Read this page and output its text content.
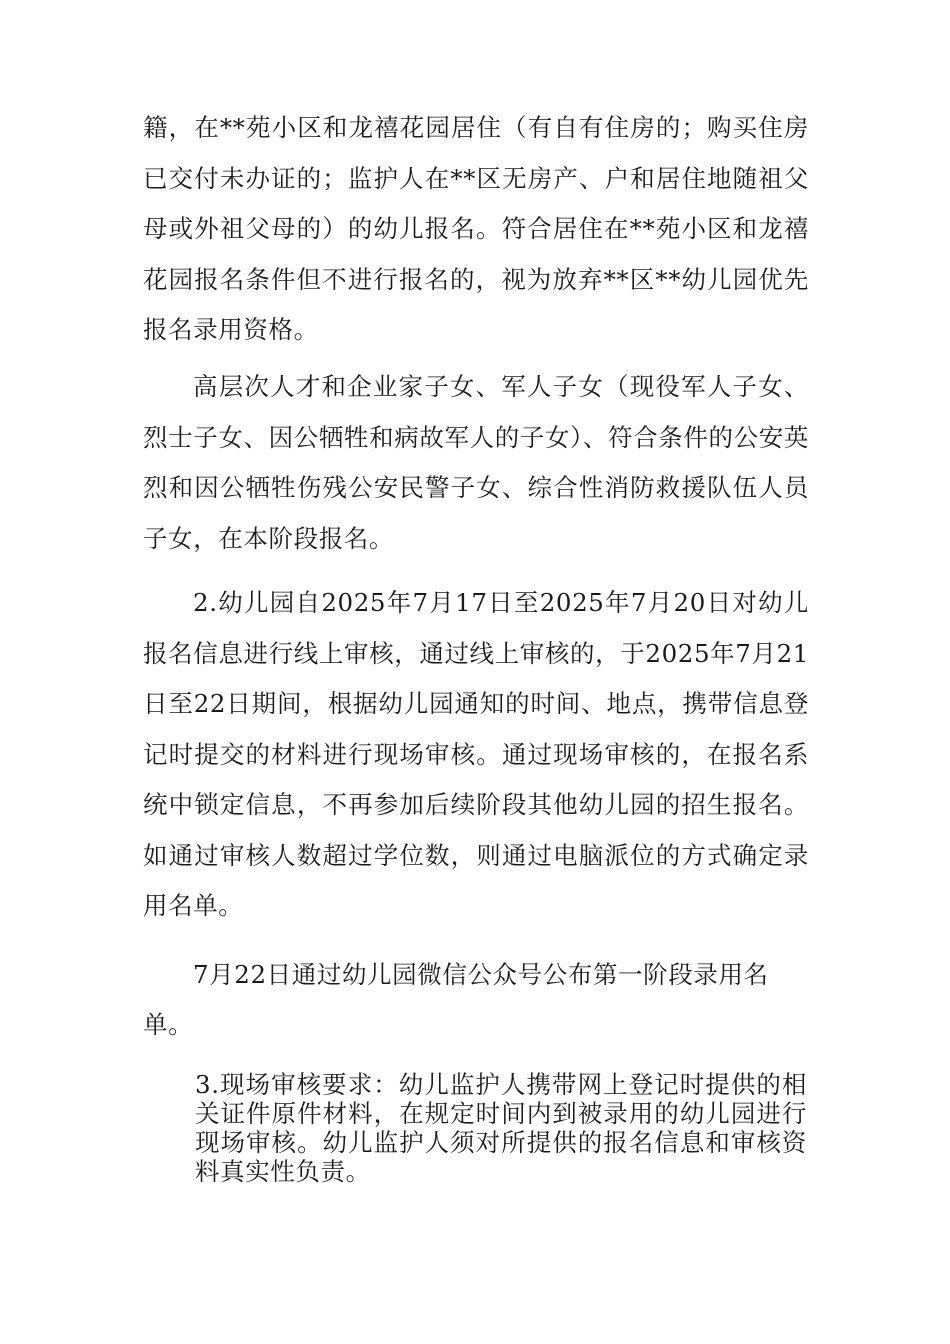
籍，在**苑小区和龙禧花园居住（有自有住房的；购买住房已交付未办证的；监护人在**区无房产、户和居住地随祖父母或外祖父母的）的幼儿报名。符合居住在**苑小区和龙禧花园报名条件但不进行报名的，视为放弃**区**幼儿园优先报名录用资格。

高层次人才和企业家子女、军人子女（现役军人子女、烈士子女、因公牺牲和病故军人的子女）、符合条件的公安英烈和因公牺牲伤残公安民警子女、综合性消防救援队伍人员子女，在本阶段报名。

2.幼儿园自2025年7月17日至2025年7月20日对幼儿报名信息进行线上审核，通过线上审核的，于2025年7月21日至22日期间，根据幼儿园通知的时间、地点，携带信息登记时提交的材料进行现场审核。通过现场审核的，在报名系统中锁定信息，不再参加后续阶段其他幼儿园的招生报名。如通过审核人数超过学位数，则通过电脑派位的方式确定录用名单。

7月22日通过幼儿园微信公众号公布第一阶段录用名

单。

3.现场审核要求：幼儿监护人携带网上登记时提供的相关证件原件材料，在规定时间内到被录用的幼儿园进行现场审核。幼儿监护人须对所提供的报名信息和审核资料真实性负责。
